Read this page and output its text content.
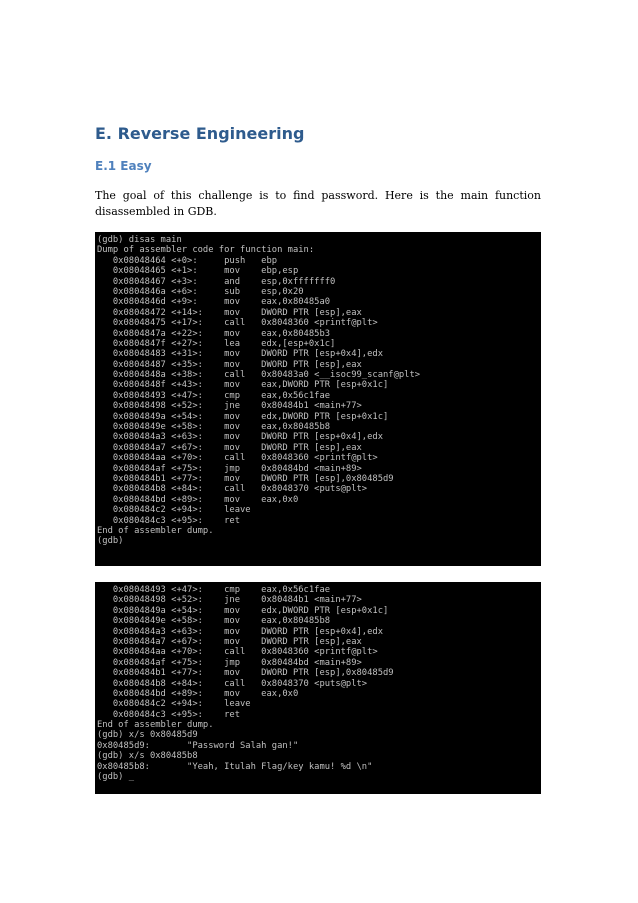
E. Reverse Engineering
E.1 Easy

The goal of this challenge is to find password. Here is the main function disassembled in GDB.

(gdb) disas main
Dump of assembler code for function main:
0x08048464 <+0>:     push   ebp
0x08048465 <+1>:     mov    ebp,esp
0x08048467 <+3>:     and    esp,0xfffffff0
0x0804846a <+6>:     sub    esp,0x20
0x0804846d <+9>:     mov    eax,0x80485a0
0x08048472 <+14>:    mov    DWORD PTR [esp],eax
0x08048475 <+17>:    call   0x8048360 <printf@plt>
0x0804847a <+22>:    mov    eax,0x80485b3
0x0804847f <+27>:    lea    edx,[esp+0x1c]
0x08048483 <+31>:    mov    DWORD PTR [esp+0x4],edx
0x08048487 <+35>:    mov    DWORD PTR [esp],eax
0x0804848a <+38>:    call   0x80483a0 <__isoc99_scanf@plt>
0x0804848f <+43>:    mov    eax,DWORD PTR [esp+0x1c]
0x08048493 <+47>:    cmp    eax,0x56c1fae
0x08048498 <+52>:    jne    0x80484b1 <main+77>
0x0804849a <+54>:    mov    edx,DWORD PTR [esp+0x1c]
0x0804849e <+58>:    mov    eax,0x80485b8
0x080484a3 <+63>:    mov    DWORD PTR [esp+0x4],edx
0x080484a7 <+67>:    mov    DWORD PTR [esp],eax
0x080484aa <+70>:    call   0x8048360 <printf@plt>
0x080484af <+75>:    jmp    0x80484bd <main+89>
0x080484b1 <+77>:    mov    DWORD PTR [esp],0x80485d9
0x080484b8 <+84>:    call   0x8048370 <puts@plt>
0x080484bd <+89>:    mov    eax,0x0
0x080484c2 <+94>:    leave
0x080484c3 <+95>:    ret
End of assembler dump.
(gdb)
0x08048493 <+47>:    cmp    eax,0x56c1fae
0x08048498 <+52>:    jne    0x80484b1 <main+77>
0x0804849a <+54>:    mov    edx,DWORD PTR [esp+0x1c]
0x0804849e <+58>:    mov    eax,0x80485b8
0x080484a3 <+63>:    mov    DWORD PTR [esp+0x4],edx
0x080484a7 <+67>:    mov    DWORD PTR [esp],eax
0x080484aa <+70>:    call   0x8048360 <printf@plt>
0x080484af <+75>:    jmp    0x80484bd <main+89>
0x080484b1 <+77>:    mov    DWORD PTR [esp],0x80485d9
0x080484b8 <+84>:    call   0x8048370 <puts@plt>
0x080484bd <+89>:    mov    eax,0x0
0x080484c2 <+94>:    leave
0x080484c3 <+95>:    ret
End of assembler dump.
(gdb) x/s 0x80485d9
0x80485d9:       "Password Salah gan!"
(gdb) x/s 0x80485b8
0x80485b8:       "Yeah, Itulah Flag/key kamu! %d \n"
(gdb) _
